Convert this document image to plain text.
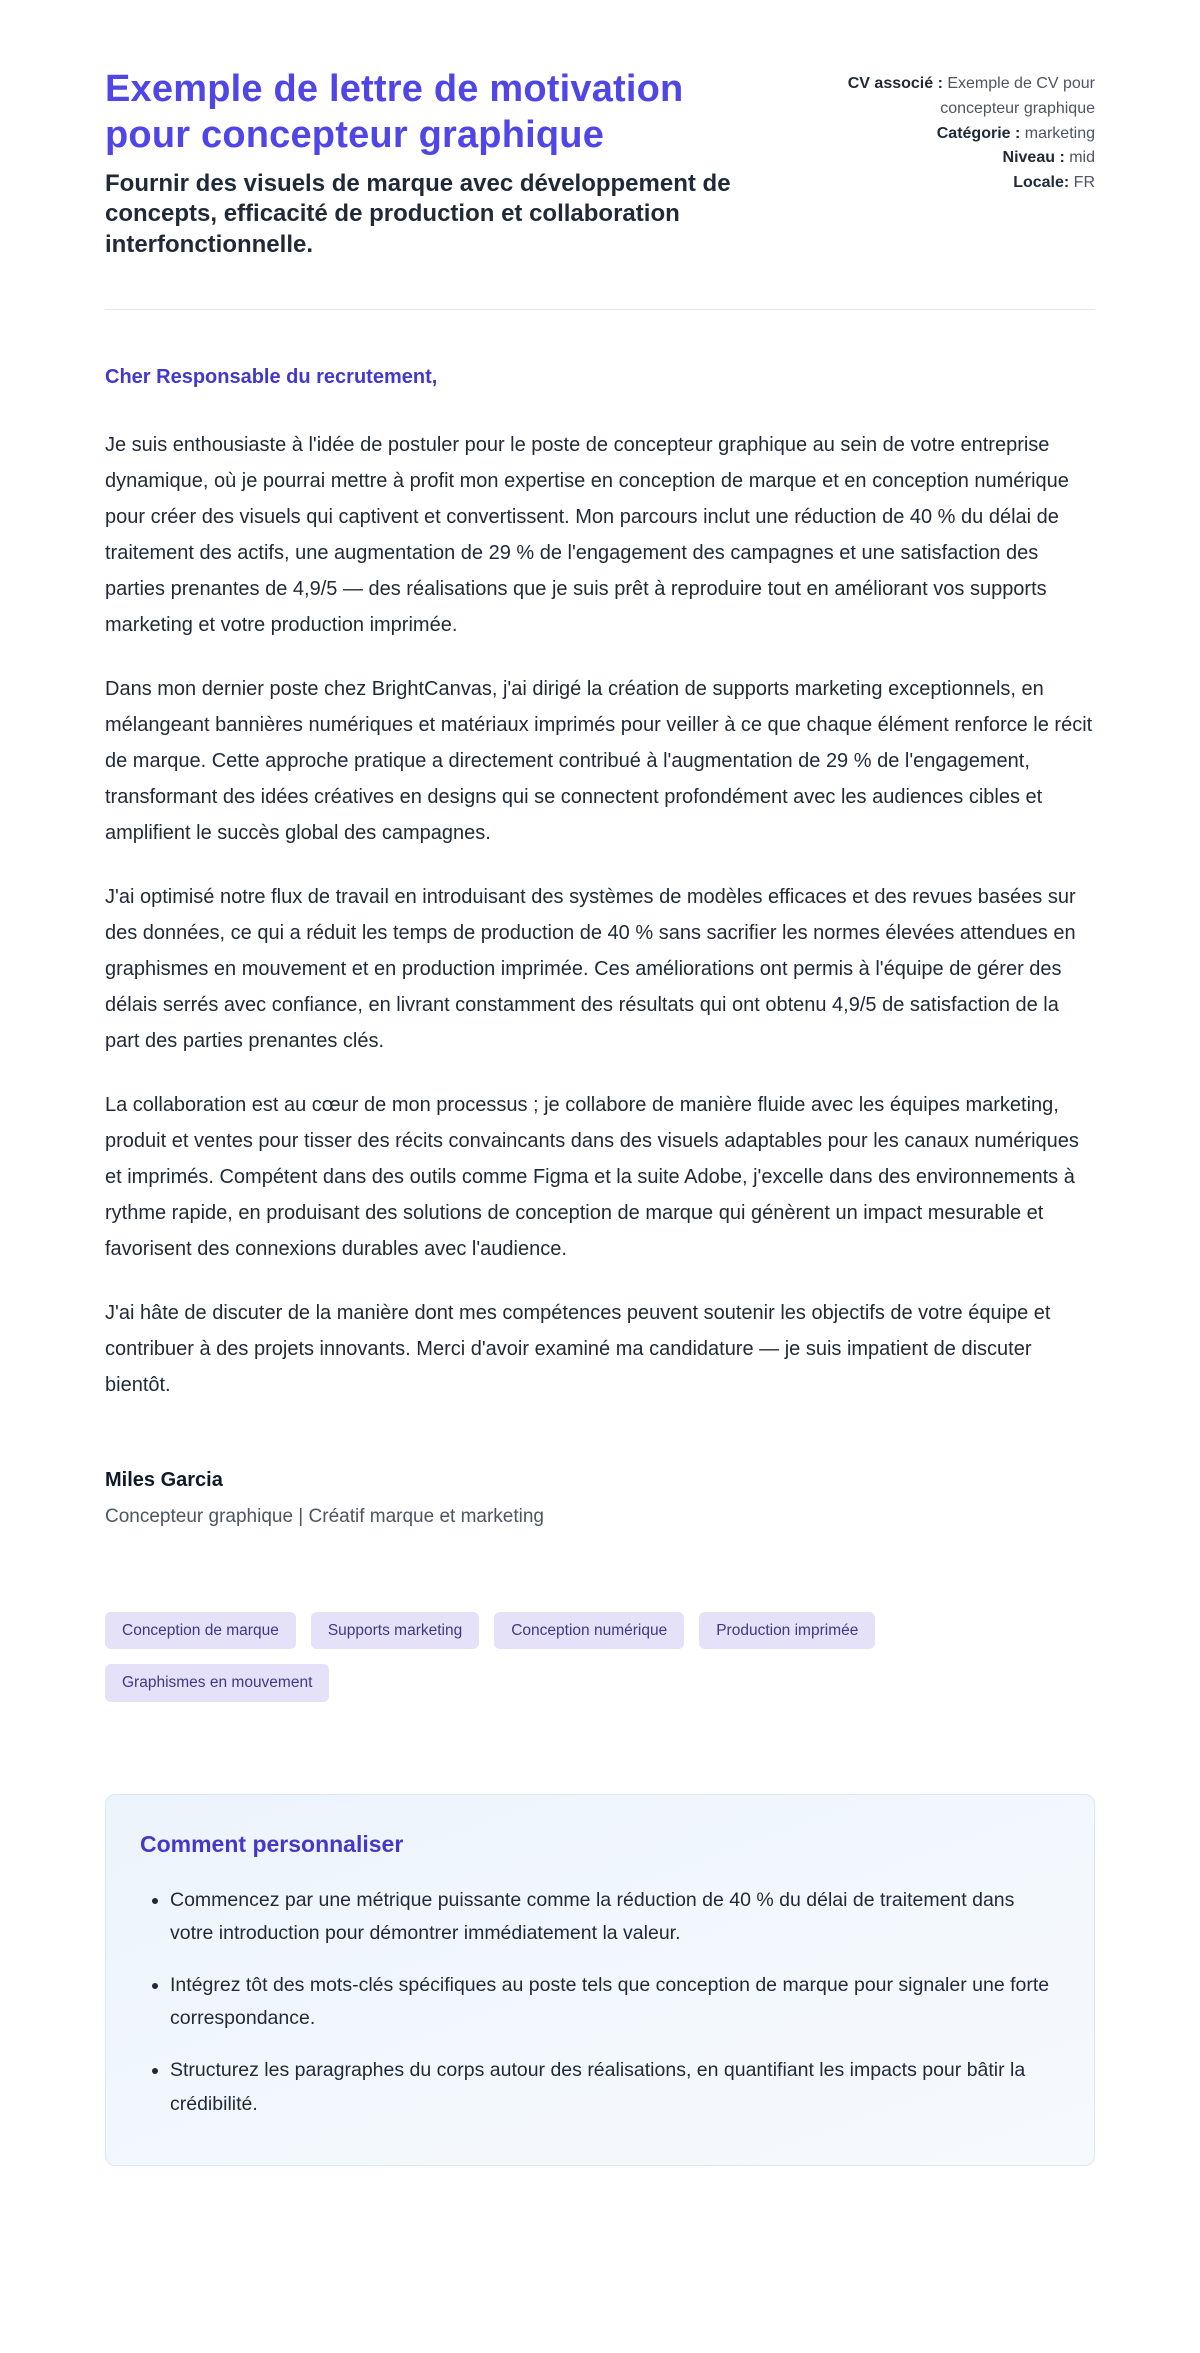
Exemple de lettre de motivation pour concepteur graphique
Fournir des visuels de marque avec développement de concepts, efficacité de production et collaboration interfonctionnelle.
CV associé : Exemple de CV pour concepteur graphique
Catégorie : marketing
Niveau : mid
Locale: FR

Cher Responsable du recrutement,

Je suis enthousiaste à l'idée de postuler pour le poste de concepteur graphique au sein de votre entreprise dynamique, où je pourrai mettre à profit mon expertise en conception de marque et en conception numérique pour créer des visuels qui captivent et convertissent. Mon parcours inclut une réduction de 40 % du délai de traitement des actifs, une augmentation de 29 % de l'engagement des campagnes et une satisfaction des parties prenantes de 4,9/5 — des réalisations que je suis prêt à reproduire tout en améliorant vos supports marketing et votre production imprimée.

Dans mon dernier poste chez BrightCanvas, j'ai dirigé la création de supports marketing exceptionnels, en mélangeant bannières numériques et matériaux imprimés pour veiller à ce que chaque élément renforce le récit de marque. Cette approche pratique a directement contribué à l'augmentation de 29 % de l'engagement, transformant des idées créatives en designs qui se connectent profondément avec les audiences cibles et amplifient le succès global des campagnes.

J'ai optimisé notre flux de travail en introduisant des systèmes de modèles efficaces et des revues basées sur des données, ce qui a réduit les temps de production de 40 % sans sacrifier les normes élevées attendues en graphismes en mouvement et en production imprimée. Ces améliorations ont permis à l'équipe de gérer des délais serrés avec confiance, en livrant constamment des résultats qui ont obtenu 4,9/5 de satisfaction de la part des parties prenantes clés.

La collaboration est au cœur de mon processus ; je collabore de manière fluide avec les équipes marketing, produit et ventes pour tisser des récits convaincants dans des visuels adaptables pour les canaux numériques et imprimés. Compétent dans des outils comme Figma et la suite Adobe, j'excelle dans des environnements à rythme rapide, en produisant des solutions de conception de marque qui génèrent un impact mesurable et favorisent des connexions durables avec l'audience.

J'ai hâte de discuter de la manière dont mes compétences peuvent soutenir les objectifs de votre équipe et contribuer à des projets innovants. Merci d'avoir examiné ma candidature — je suis impatient de discuter bientôt.

Miles Garcia

Concepteur graphique | Créatif marque et marketing

Conception de marque	Supports marketing	Conception numérique	Production imprimée
Graphismes en mouvement
Comment personnaliser
• Commencez par une métrique puissante comme la réduction de 40 % du délai de traitement dans votre introduction pour démontrer immédiatement la valeur.
• Intégrez tôt des mots-clés spécifiques au poste tels que conception de marque pour signaler une forte correspondance.
• Structurez les paragraphes du corps autour des réalisations, en quantifiant les impacts pour bâtir la crédibilité.
